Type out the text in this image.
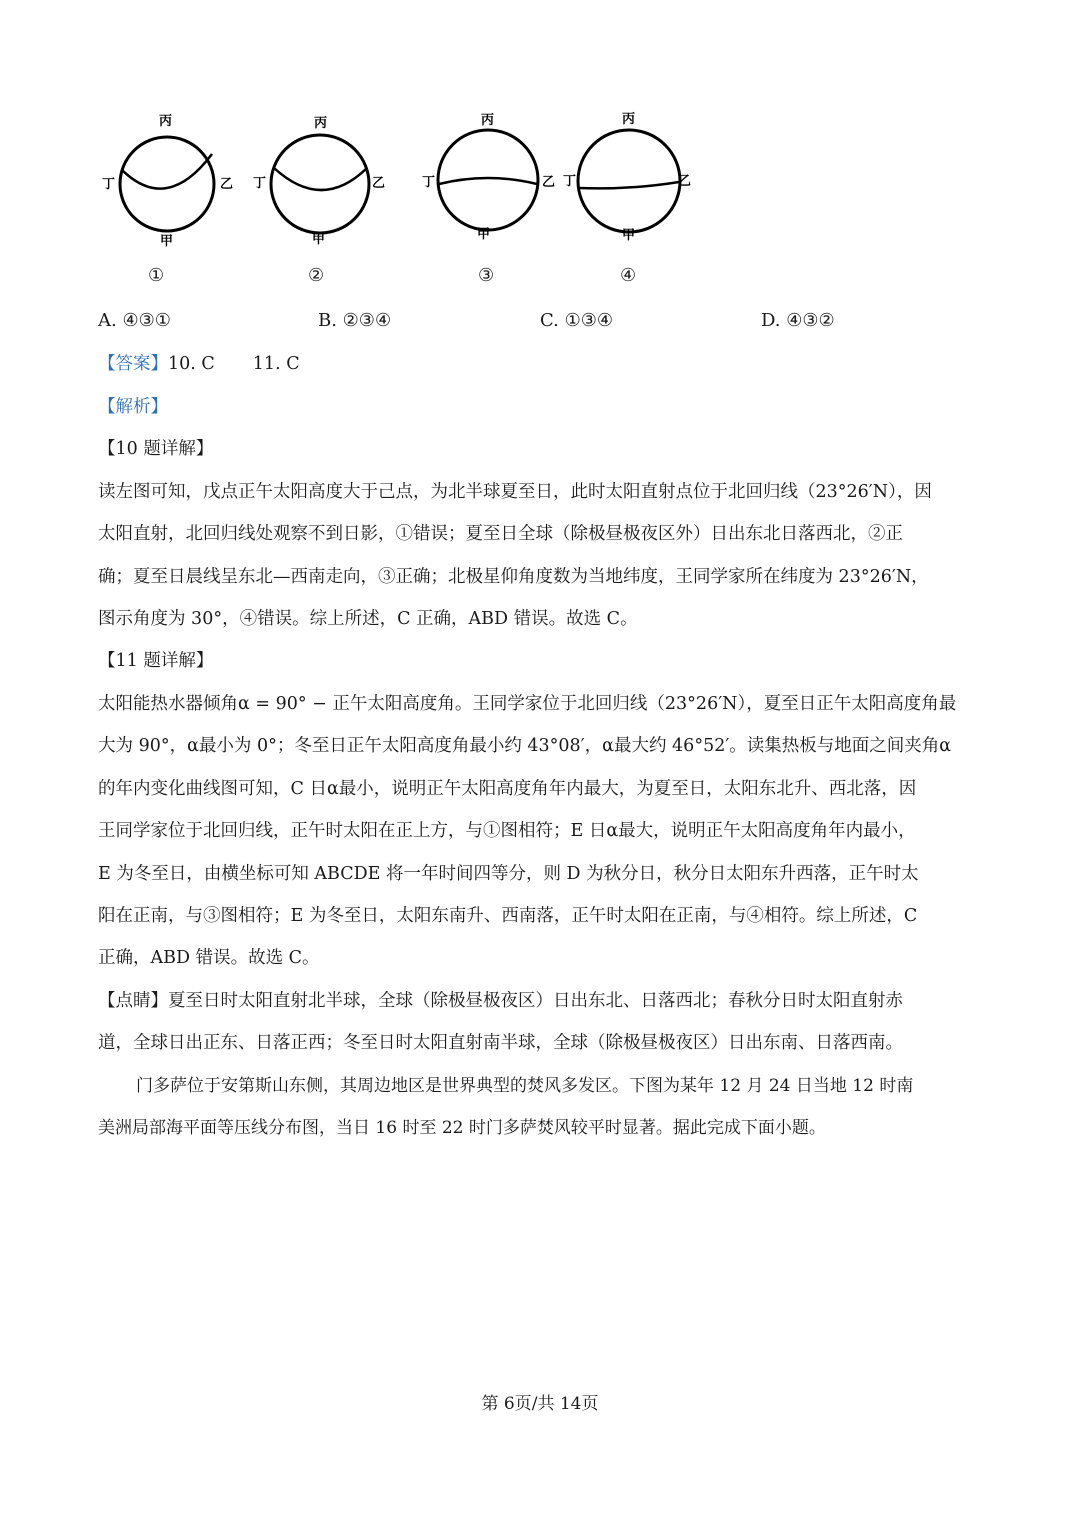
丙
丁	乙
甲
①
丙
丁	乙
甲
②
丙
丁	乙
甲
③
丙
丁	乙
甲
④
A. ④③①	B. ②③④	C. ①③④	D. ④③②
【答案】10. C 11. C
【解析】
【10 题详解】
读左图可知，戊点正午太阳高度大于己点，为北半球夏至日，此时太阳直射点位于北回归线（23°26′N），因
太阳直射，北回归线处观察不到日影，①错误；夏至日全球（除极昼极夜区外）日出东北日落西北，②正
确；夏至日晨线呈东北—西南走向，③正确；北极星仰角度数为当地纬度，王同学家所在纬度为 23°26′N，
图示角度为 30°，④错误。综上所述，C 正确，ABD 错误。故选 C。
【11 题详解】
太阳能热水器倾角α = 90° − 正午太阳高度角。王同学家位于北回归线（23°26′N），夏至日正午太阳高度角最
大为 90°，α最小为 0°；冬至日正午太阳高度角最小约 43°08′，α最大约 46°52′。读集热板与地面之间夹角α
的年内变化曲线图可知，C 日α最小，说明正午太阳高度角年内最大，为夏至日，太阳东北升、西北落，因
王同学家位于北回归线，正午时太阳在正上方，与①图相符；E 日α最大，说明正午太阳高度角年内最小，
E 为冬至日，由横坐标可知 ABCDE 将一年时间四等分，则 D 为秋分日，秋分日太阳东升西落，正午时太
阳在正南，与③图相符；E 为冬至日，太阳东南升、西南落，正午时太阳在正南，与④相符。综上所述，C
正确，ABD 错误。故选 C。
【点睛】夏至日时太阳直射北半球，全球（除极昼极夜区）日出东北、日落西北；春秋分日时太阳直射赤
道，全球日出正东、日落正西；冬至日时太阳直射南半球，全球（除极昼极夜区）日出东南、日落西南。
门多萨位于安第斯山东侧，其周边地区是世界典型的焚风多发区。下图为某年 12 月 24 日当地 12 时南
美洲局部海平面等压线分布图，当日 16 时至 22 时门多萨焚风较平时显著。据此完成下面小题。
第 6页/共 14页
